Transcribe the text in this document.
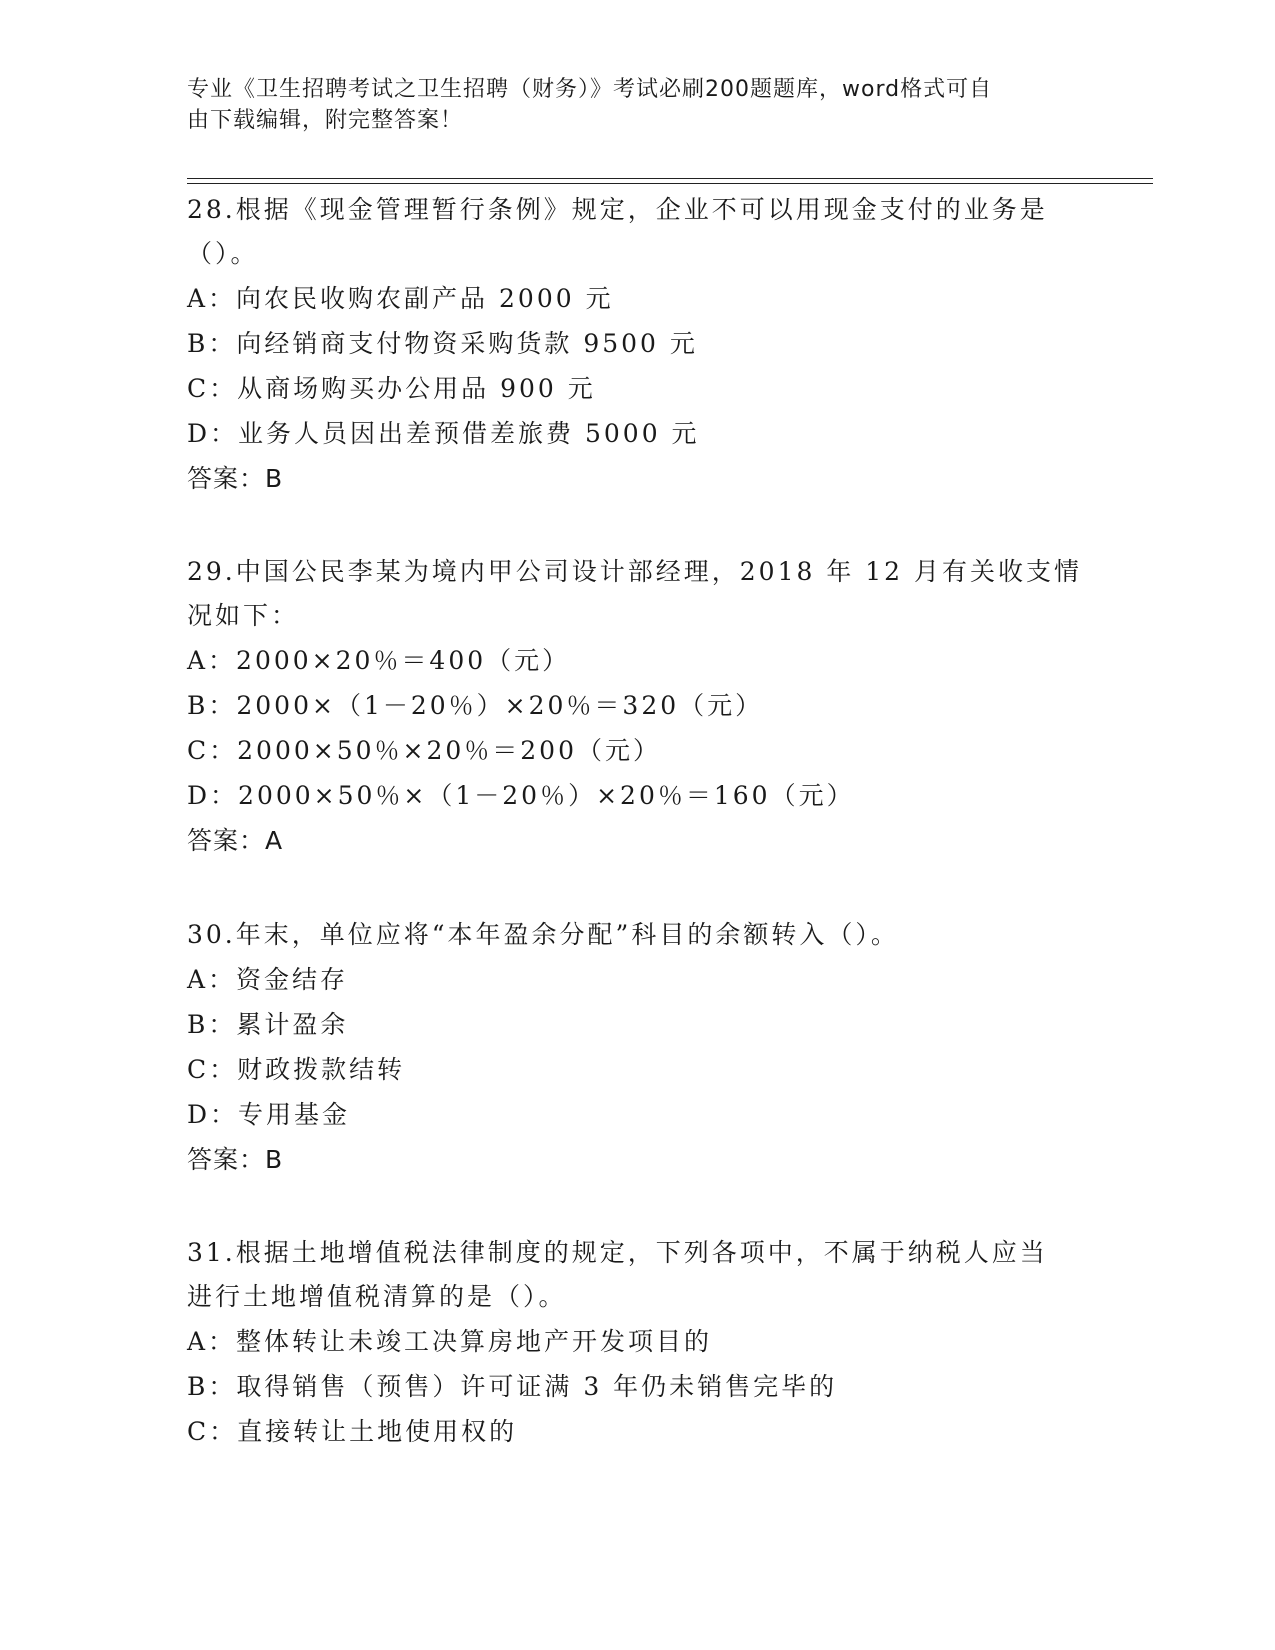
专业《卫生招聘考试之卫生招聘（财务）》考试必刷200题题库，word格式可自
由下载编辑，附完整答案！
28.根据《现金管理暂行条例》规定，企业不可以用现金支付的业务是
（）。
A：向农民收购农副产品 2000 元
B：向经销商支付物资采购货款 9500 元
C：从商场购买办公用品 900 元
D：业务人员因出差预借差旅费 5000 元
答案：B
29.中国公民李某为境内甲公司设计部经理，2018 年 12 月有关收支情
况如下：
A：2000×20％＝400（元）
B：2000×（1－20％）×20％＝320（元）
C：2000×50％×20％＝200（元）
D：2000×50％×（1－20％）×20％＝160（元）
答案：A
30.年末，单位应将“本年盈余分配”科目的余额转入（）。
A：资金结存
B：累计盈余
C：财政拨款结转
D：专用基金
答案：B
31.根据土地增值税法律制度的规定，下列各项中，不属于纳税人应当
进行土地增值税清算的是（）。
A：整体转让未竣工决算房地产开发项目的
B：取得销售（预售）许可证满 3 年仍未销售完毕的
C：直接转让土地使用权的
